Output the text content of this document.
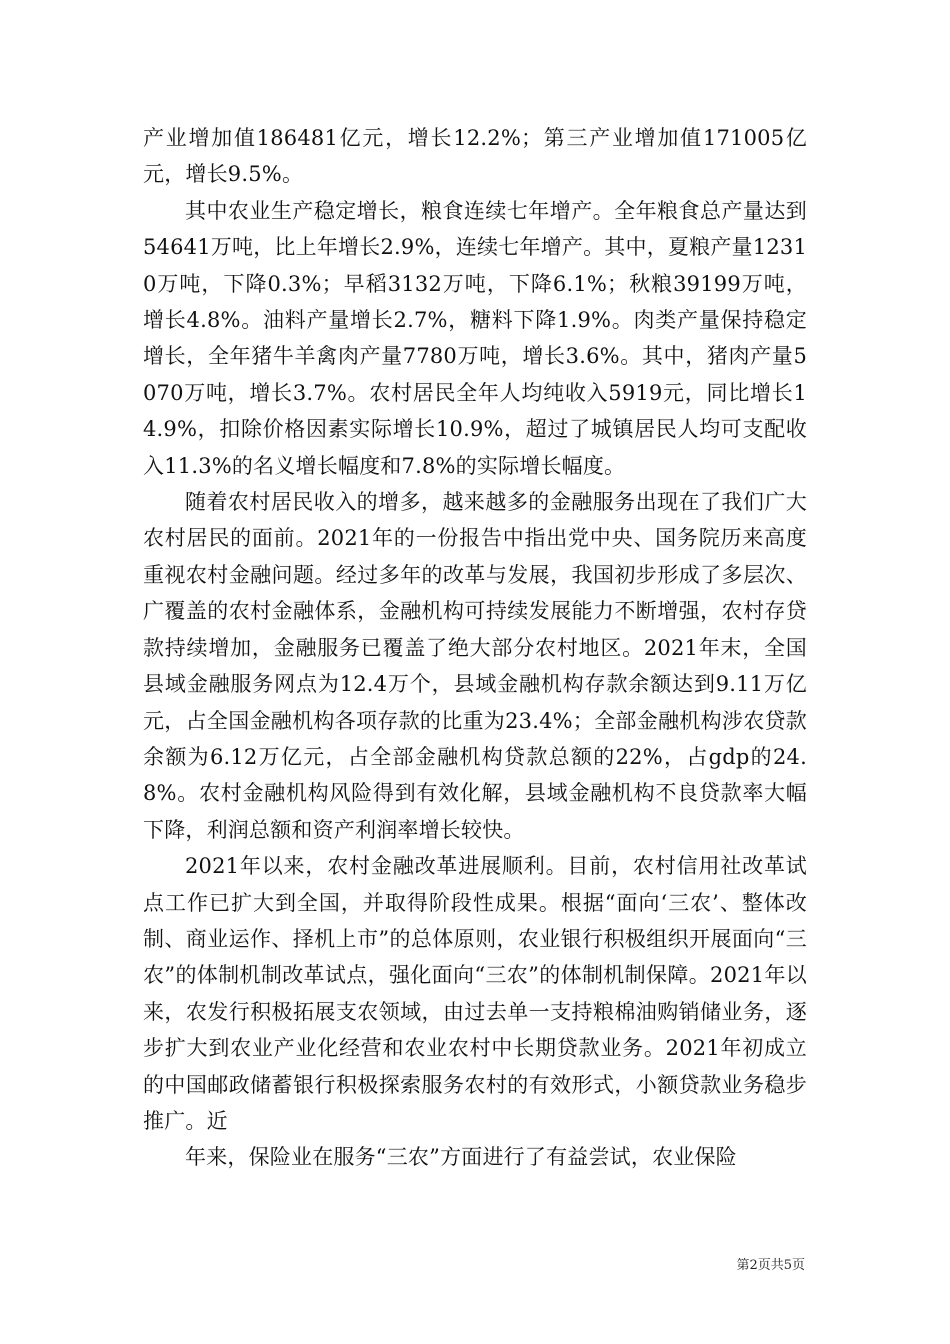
产业增加值186481亿元，增长12.2%；第三产业增加值171005亿元，增长9.5%。

其中农业生产稳定增长，粮食连续七年增产。全年粮食总产量达到54641万吨，比上年增长2.9%，连续七年增产。其中，夏粮产量12310万吨，下降0.3%；早稻3132万吨，下降6.1%；秋粮39199万吨，增长4.8%。油料产量增长2.7%，糖料下降1.9%。肉类产量保持稳定增长，全年猪牛羊禽肉产量7780万吨，增长3.6%。其中，猪肉产量5070万吨，增长3.7%。农村居民全年人均纯收入5919元，同比增长14.9%，扣除价格因素实际增长10.9%，超过了城镇居民人均可支配收入11.3%的名义增长幅度和7.8%的实际增长幅度。

随着农村居民收入的增多，越来越多的金融服务出现在了我们广大农村居民的面前。2021年的一份报告中指出党中央、国务院历来高度重视农村金融问题。经过多年的改革与发展，我国初步形成了多层次、广覆盖的农村金融体系，金融机构可持续发展能力不断增强，农村存贷款持续增加，金融服务已覆盖了绝大部分农村地区。2021年末，全国县域金融服务网点为12.4万个，县域金融机构存款余额达到9.11万亿元，占全国金融机构各项存款的比重为23.4%；全部金融机构涉农贷款余额为6.12万亿元，占全部金融机构贷款总额的22%，占gdp的24.8%。农村金融机构风险得到有效化解，县域金融机构不良贷款率大幅下降，利润总额和资产利润率增长较快。

2021年以来，农村金融改革进展顺利。目前，农村信用社改革试点工作已扩大到全国，并取得阶段性成果。根据“面向‘三农’、整体改制、商业运作、择机上市”的总体原则，农业银行积极组织开展面向“三农”的体制机制改革试点，强化面向“三农”的体制机制保障。2021年以来，农发行积极拓展支农领域，由过去单一支持粮棉油购销储业务，逐步扩大到农业产业化经营和农业农村中长期贷款业务。2021年初成立的中国邮政储蓄银行积极探索服务农村的有效形式，小额贷款业务稳步推广。近

年来，保险业在服务“三农”方面进行了有益尝试，农业保险

第2页共5页
